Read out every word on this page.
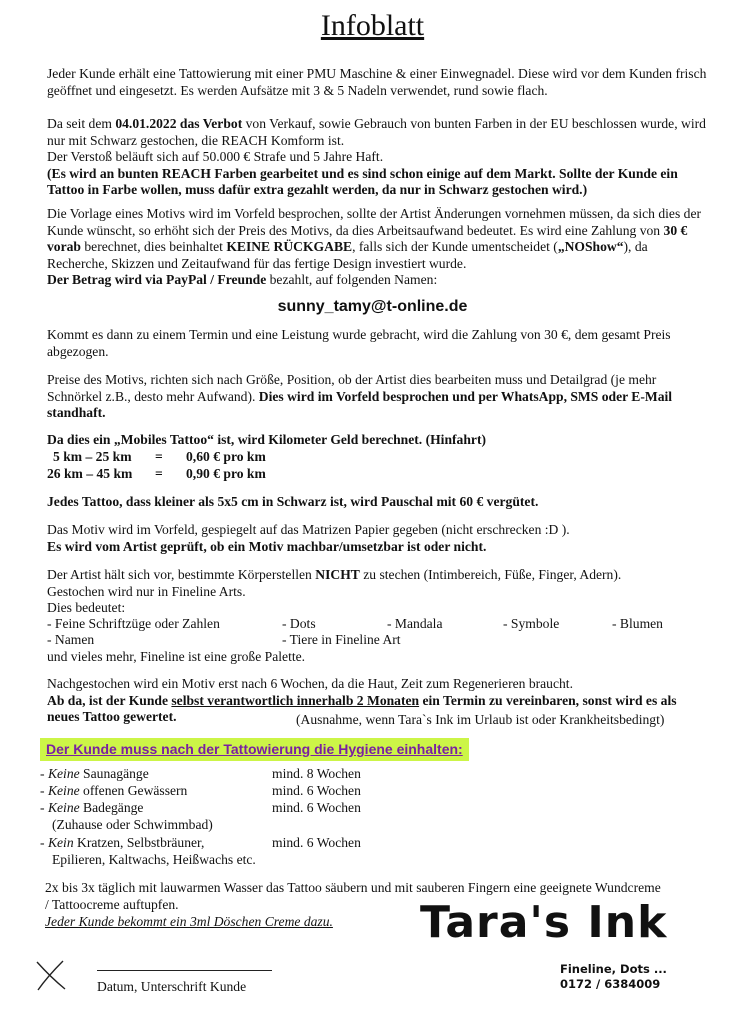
Infoblatt
Jeder Kunde erhält eine Tattowierung mit einer PMU Maschine & einer Einwegnadel. Diese wird vor dem Kunden frisch geöffnet und eingesetzt. Es werden Aufsätze mit 3 & 5 Nadeln verwendet, rund sowie flach.
Da seit dem 04.01.2022 das Verbot von Verkauf, sowie Gebrauch von bunten Farben in der EU beschlossen wurde, wird nur mit Schwarz gestochen, die REACH Komform ist.
Der Verstoß beläuft sich auf 50.000 € Strafe und 5 Jahre Haft.
(Es wird an bunten REACH Farben gearbeitet und es sind schon einige auf dem Markt. Sollte der Kunde ein Tattoo in Farbe wollen, muss dafür extra gezahlt werden, da nur in Schwarz gestochen wird.)
Die Vorlage eines Motivs wird im Vorfeld besprochen, sollte der Artist Änderungen vornehmen müssen, da sich dies der Kunde wünscht, so erhöht sich der Preis des Motivs, da dies Arbeitsaufwand bedeutet. Es wird eine Zahlung von 30 € vorab berechnet, dies beinhaltet KEINE RÜCKGABE, falls sich der Kunde umentscheidet („NOShow“), da Recherche, Skizzen und Zeitaufwand für das fertige Design investiert wurde.
Der Betrag wird via PayPal / Freunde bezahlt, auf folgenden Namen:
sunny_tamy@t-online.de
Kommt es dann zu einem Termin und eine Leistung wurde gebracht, wird die Zahlung von 30 €, dem gesamt Preis abgezogen.
Preise des Motivs, richten sich nach Größe, Position, ob der Artist dies bearbeiten muss und Detailgrad (je mehr Schnörkel z.B., desto mehr Aufwand). Dies wird im Vorfeld besprochen und per WhatsApp, SMS oder E-Mail standhaft.
Da dies ein „Mobiles Tattoo“ ist, wird Kilometer Geld berechnet. (Hinfahrt)
5 km – 25 km = 0,60 € pro km
26 km – 45 km = 0,90 € pro km
Jedes Tattoo, dass kleiner als 5x5 cm in Schwarz ist, wird Pauschal mit 60 € vergütet.
Das Motiv wird im Vorfeld, gespiegelt auf das Matrizen Papier gegeben (nicht erschrecken :D ).
Es wird vom Artist geprüft, ob ein Motiv machbar/umsetzbar ist oder nicht.
Der Artist hält sich vor, bestimmte Körperstellen NICHT zu stechen (Intimbereich, Füße, Finger, Adern).
Gestochen wird nur in Fineline Arts.
Dies bedeutet:
- Feine Schriftzüge oder Zahlen	- Dots	- Mandala	- Symbole	- Blumen
- Namen	- Tiere in Fineline Art
und vieles mehr, Fineline ist eine große Palette.
Nachgestochen wird ein Motiv erst nach 6 Wochen, da die Haut, Zeit zum Regenerieren braucht.
Ab da, ist der Kunde selbst verantwortlich innerhalb 2 Monaten ein Termin zu vereinbaren, sonst wird es als neues Tattoo gewertet.	(Ausnahme, wenn Tara`s Ink im Urlaub ist oder Krankheitsbedingt)
Der Kunde muss nach der Tattowierung die Hygiene einhalten:
- Keine Saunagänge	mind. 8 Wochen
- Keine offenen Gewässern	mind. 6 Wochen
- Keine Badegänge	mind. 6 Wochen
(Zuhause oder Schwimmbad)
- Kein Kratzen, Selbstbräuner,	mind. 6 Wochen
Epilieren, Kaltwachs, Heißwachs etc.
2x bis 3x täglich mit lauwarmen Wasser das Tattoo säubern und mit sauberen Fingern eine geeignete Wundcreme / Tattoocreme auftupfen.
Jeder Kunde bekommt ein 3ml Döschen Creme dazu. Tara's Ink
Fineline, Dots ...
0172 / 6384009
Datum, Unterschrift Kunde
